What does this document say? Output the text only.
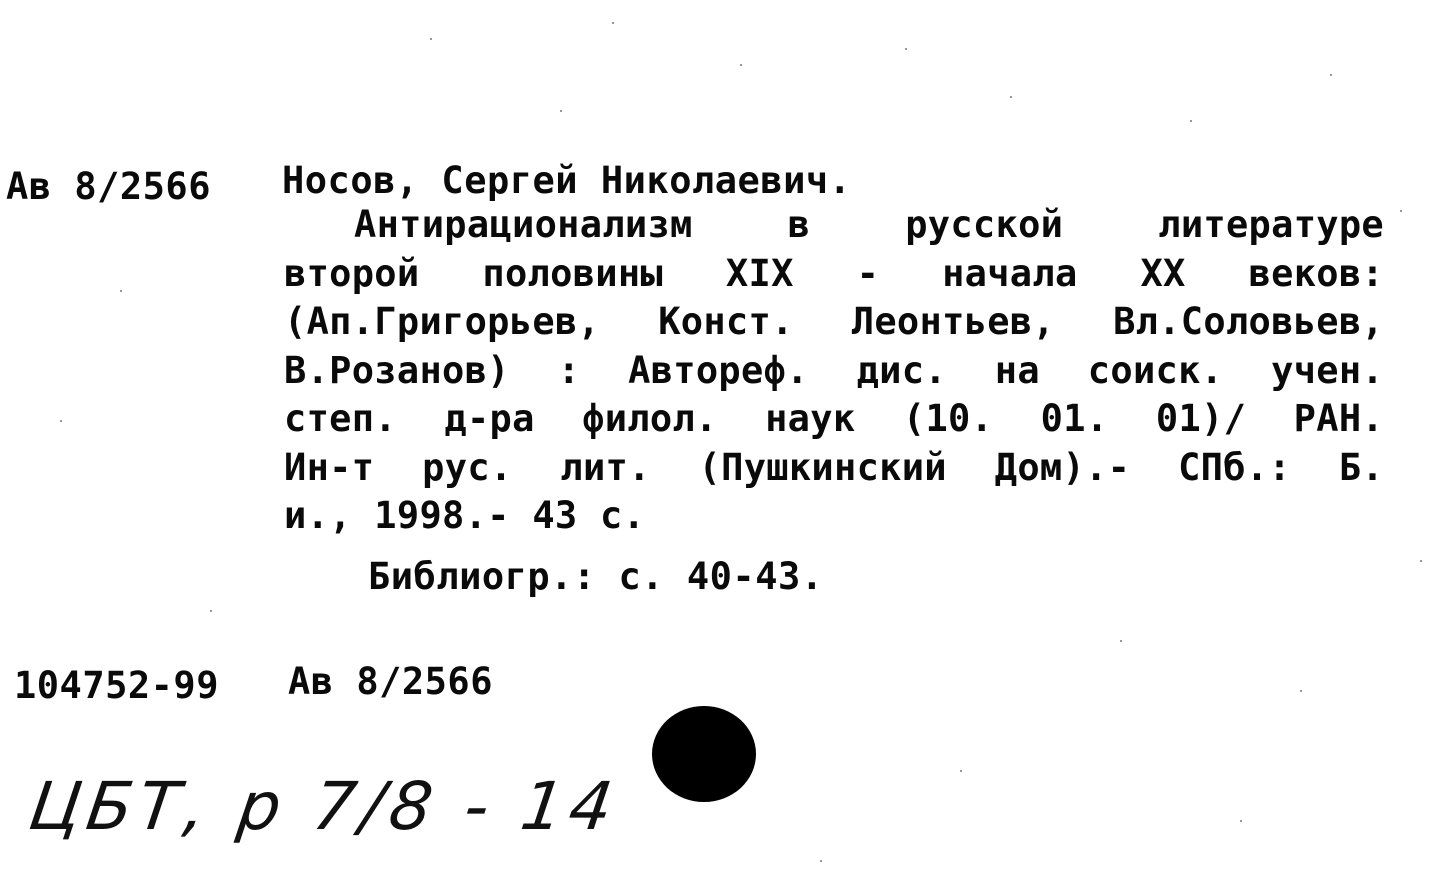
Ав 8/2566 Носов, Сергей Николаевич.
Антирационализм в русской литературе
второй половины XIX - начала XX веков:
(Ап.Григорьев, Конст. Леонтьев, Вл.Соловьев,
В.Розанов) : Автореф. дис. на соиск. учен.
степ. д-ра филол. наук (10. 01. 01)/ РАН.
Ин-т рус. лит. (Пушкинский Дом).- СПб.: Б.
и., 1998.- 43 с.
Библиогр.: с. 40-43.
104752-99 Ав 8/2566
ЦБТ, р 7/8 - 14
